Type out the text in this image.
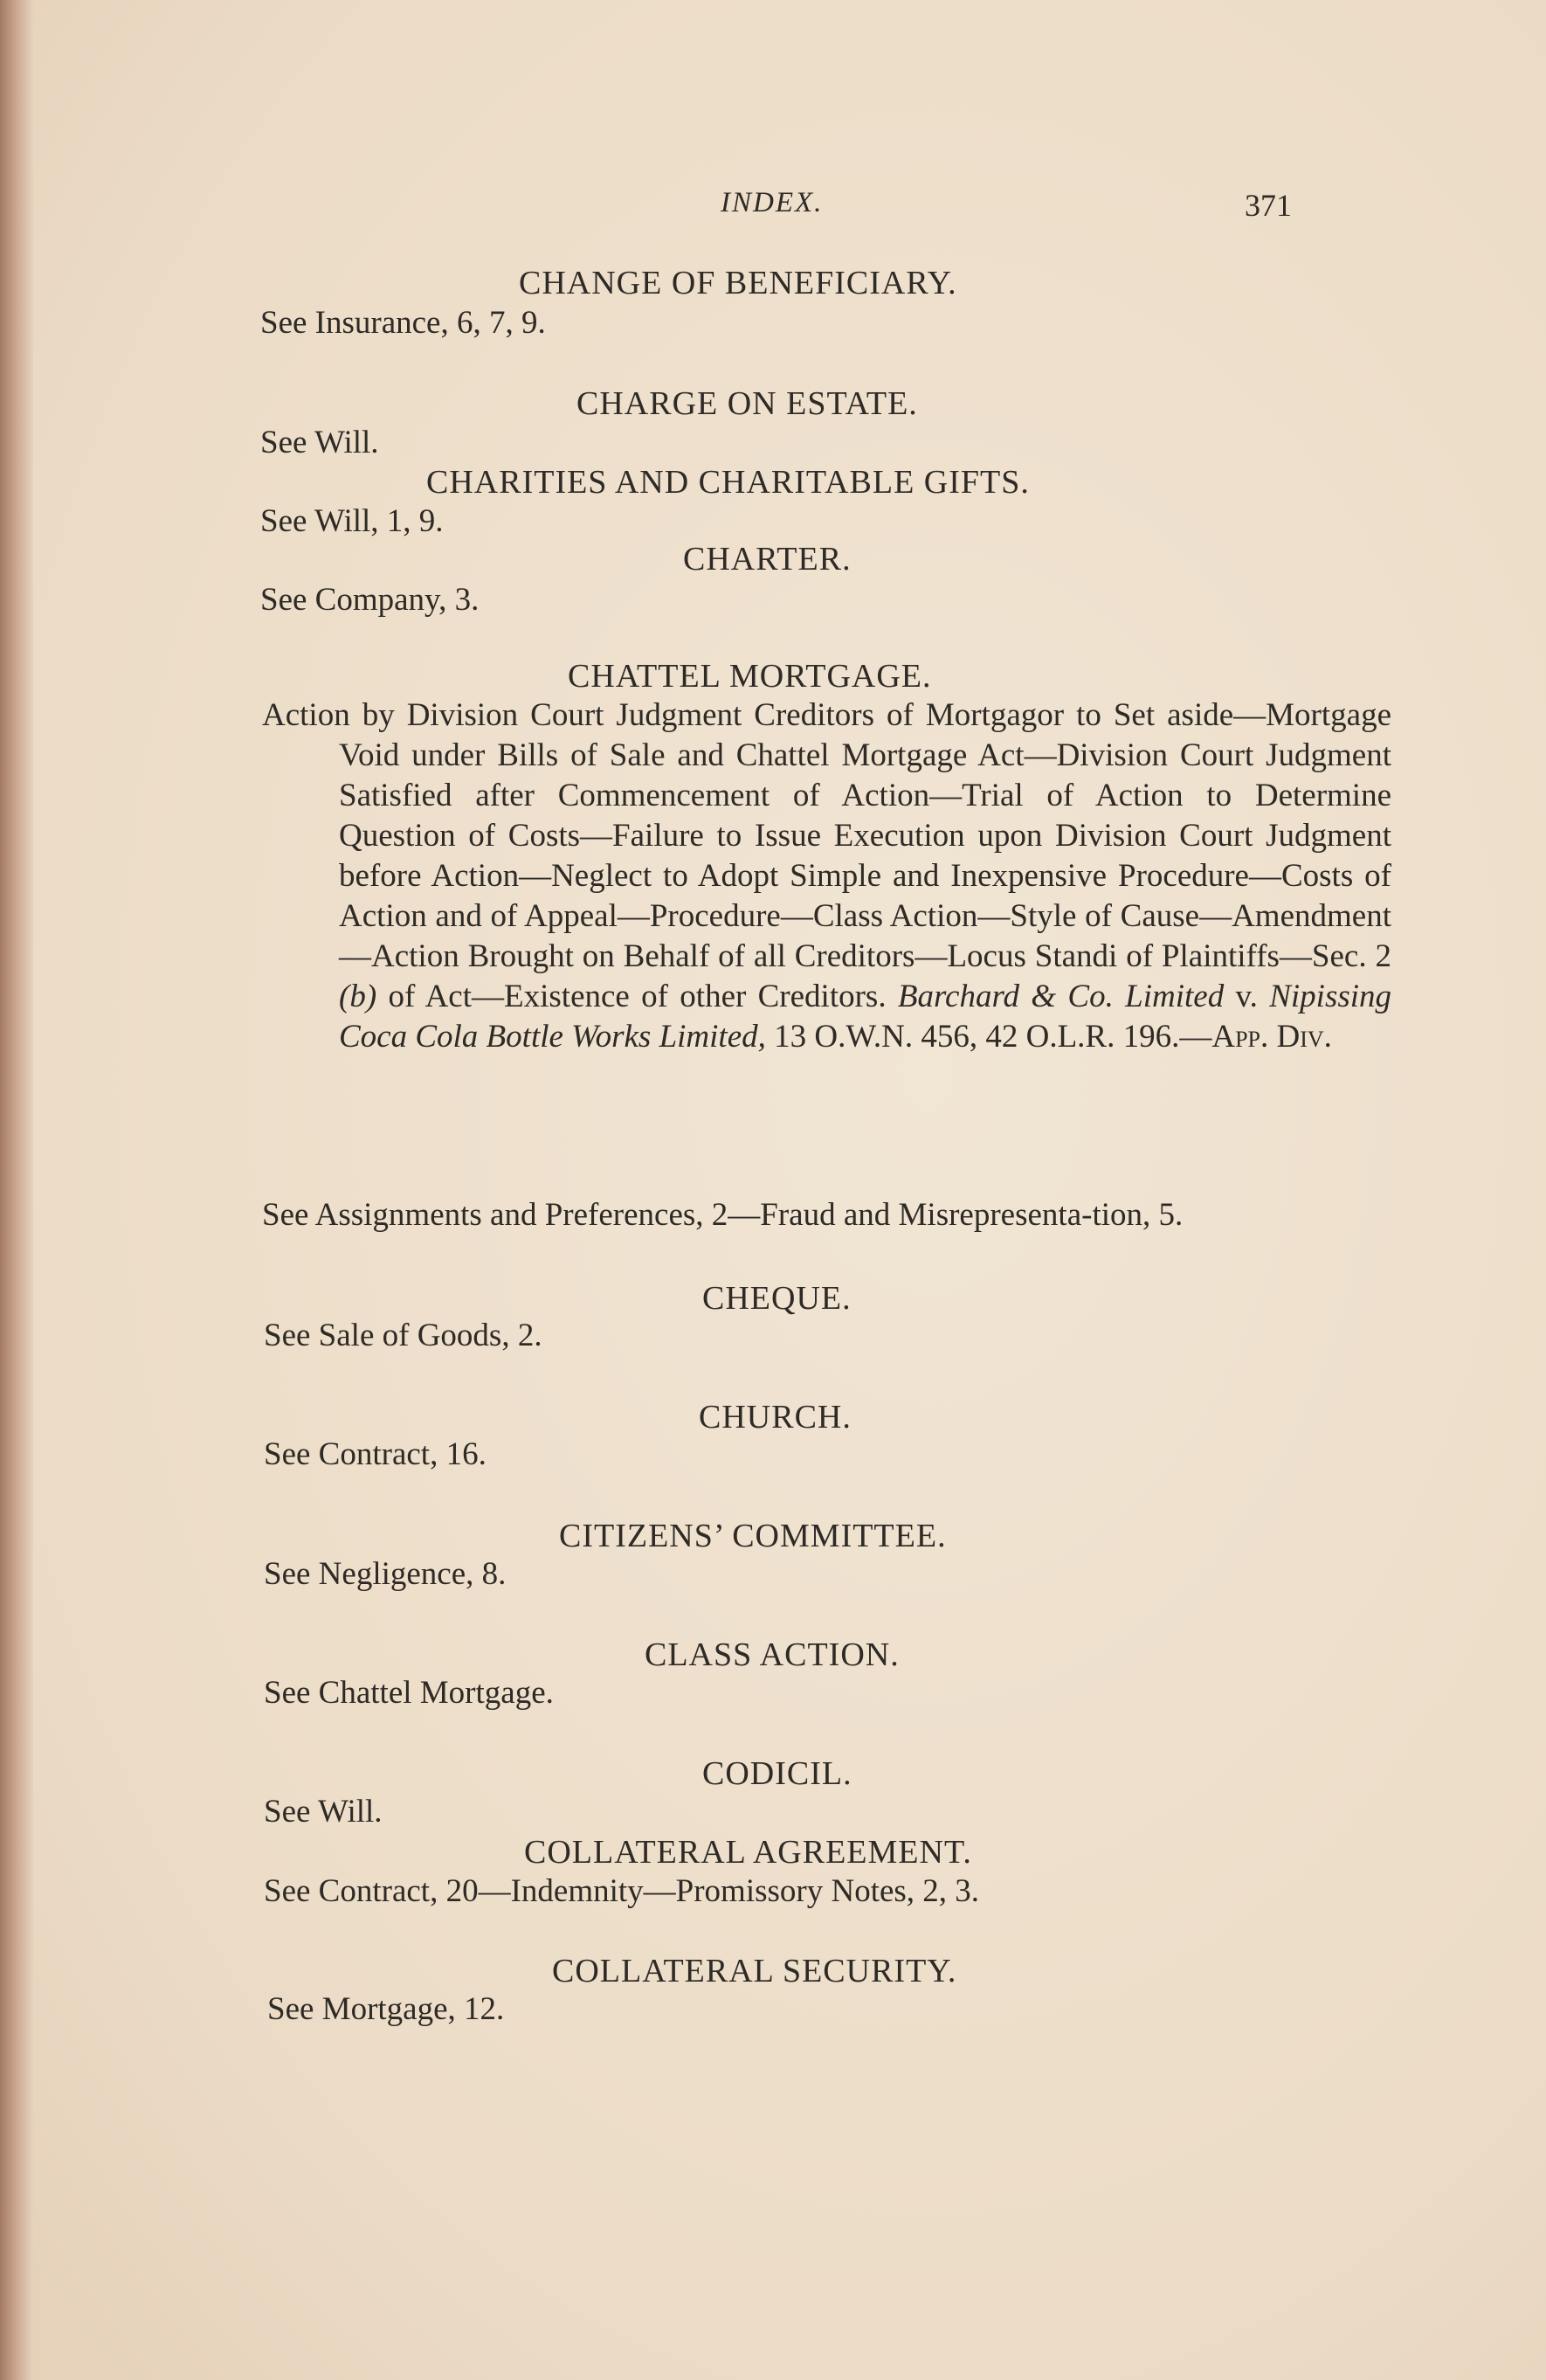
INDEX.	371
CHANGE OF BENEFICIARY.
See Insurance, 6, 7, 9.
CHARGE ON ESTATE.
See Will.
CHARITIES AND CHARITABLE GIFTS.
See Will, 1, 9.
CHARTER.
See Company, 3.
CHATTEL MORTGAGE.
Action by Division Court Judgment Creditors of Mortgagor to Set aside—Mortgage Void under Bills of Sale and Chattel Mortgage Act—Division Court Judgment Satisfied after Commencement of Action—Trial of Action to Determine Question of Costs—Failure to Issue Execution upon Division Court Judgment before Action—Neglect to Adopt Simple and Inexpensive Procedure—Costs of Action and of Appeal—Procedure—Class Action—Style of Cause—Amendment—Action Brought on Behalf of all Creditors—Locus Standi of Plaintiffs—Sec. 2 (b) of Act—Existence of other Creditors. Barchard & Co. Limited v. Nipissing Coca Cola Bottle Works Limited, 13 O.W.N. 456, 42 O.L.R. 196.—App. Div.
See Assignments and Preferences, 2—Fraud and Misrepresenta-tion, 5.
CHEQUE.
See Sale of Goods, 2.
CHURCH.
See Contract, 16.
CITIZENS’ COMMITTEE.
See Negligence, 8.
CLASS ACTION.
See Chattel Mortgage.
CODICIL.
See Will.
COLLATERAL AGREEMENT.
See Contract, 20—Indemnity—Promissory Notes, 2, 3.
COLLATERAL SECURITY.
See Mortgage, 12.
